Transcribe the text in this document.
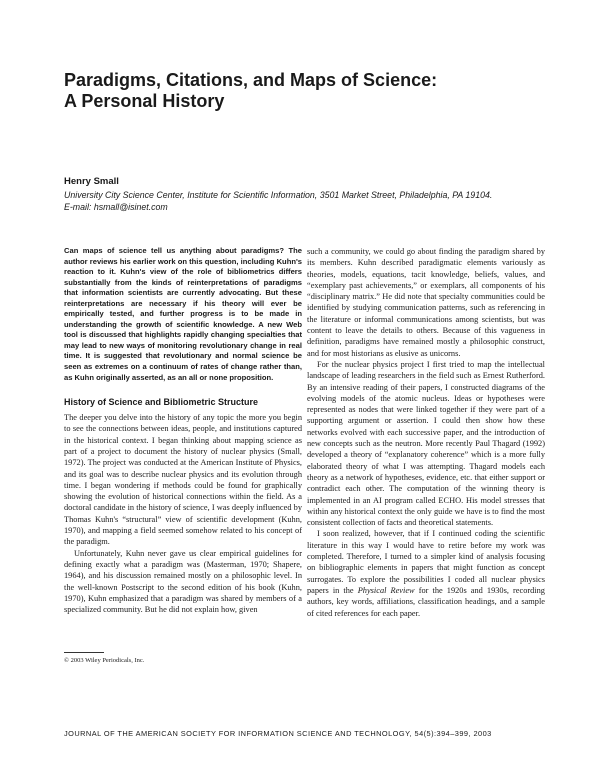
Paradigms, Citations, and Maps of Science:
A Personal History

Henry Small

University City Science Center, Institute for Scientific Information, 3501 Market Street, Philadelphia, PA 19104.
E-mail: hsmall@isinet.com

Can maps of science tell us anything about paradigms? The author reviews his earlier work on this question, including Kuhn's reaction to it. Kuhn's view of the role of bibliometrics differs substantially from the kinds of reinterpretations of paradigms that information scientists are currently advocating. But these reinterpretations are necessary if his theory will ever be empirically tested, and further progress is to be made in understanding the growth of scientific knowledge. A new Web tool is discussed that highlights rapidly changing specialties that may lead to new ways of monitoring revolutionary change in real time. It is suggested that revolutionary and normal science be seen as extremes on a continuum of rates of change rather than, as Kuhn originally asserted, as an all or none proposition.

History of Science and Bibliometric Structure

The deeper you delve into the history of any topic the more you begin to see the connections between ideas, people, and institutions captured in the historical context. I began thinking about mapping science as part of a project to document the history of nuclear physics (Small, 1972). The project was conducted at the American Institute of Physics, and its goal was to describe nuclear physics and its evolution through time. I began wondering if methods could be found for graphically showing the evolution of historical connections within the field. As a doctoral candidate in the history of science, I was deeply influenced by Thomas Kuhn's “structural” view of scientific development (Kuhn, 1970), and mapping a field seemed somehow related to his concept of the paradigm.

Unfortunately, Kuhn never gave us clear empirical guidelines for defining exactly what a paradigm was (Masterman, 1970; Shapere, 1964), and his discussion remained mostly on a philosophic level. In the well-known Postscript to the second edition of his book (Kuhn, 1970), Kuhn emphasized that a paradigm was shared by members of a specialized community. But he did not explain how, given

such a community, we could go about finding the paradigm shared by its members. Kuhn described paradigmatic elements variously as theories, models, equations, tacit knowledge, beliefs, values, and “exemplary past achievements,” or exemplars, all components of his “disciplinary matrix.” He did note that specialty communities could be identified by studying communication patterns, such as referencing in the literature or informal communications among scientists, but was content to leave the details to others. Because of this vagueness in definition, paradigms have remained mostly a philosophic construct, and for most historians as elusive as unicorns.

For the nuclear physics project I first tried to map the intellectual landscape of leading researchers in the field such as Ernest Rutherford. By an intensive reading of their papers, I constructed diagrams of the evolving models of the atomic nucleus. Ideas or hypotheses were represented as nodes that were linked together if they were part of a supporting argument or assertion. I could then show how these networks evolved with each successive paper, and the introduction of new concepts such as the neutron. More recently Paul Thagard (1992) developed a theory of “explanatory coherence” which is a more fully elaborated theory of what I was attempting. Thagard models each theory as a network of hypotheses, evidence, etc. that either support or contradict each other. The computation of the winning theory is implemented in an AI program called ECHO. His model stresses that within any historical context the only guide we have is to find the most consistent collection of facts and theoretical statements.

I soon realized, however, that if I continued coding the scientific literature in this way I would have to retire before my work was completed. Therefore, I turned to a simpler kind of analysis focusing on bibliographic elements in papers that might function as concept surrogates. To explore the possibilities I coded all nuclear physics papers in the Physical Review for the 1920s and 1930s, recording authors, key words, affiliations, classification headings, and a sample of cited references for each paper.

© 2003 Wiley Periodicals, Inc.
JOURNAL OF THE AMERICAN SOCIETY FOR INFORMATION SCIENCE AND TECHNOLOGY, 54(5):394–399, 2003
